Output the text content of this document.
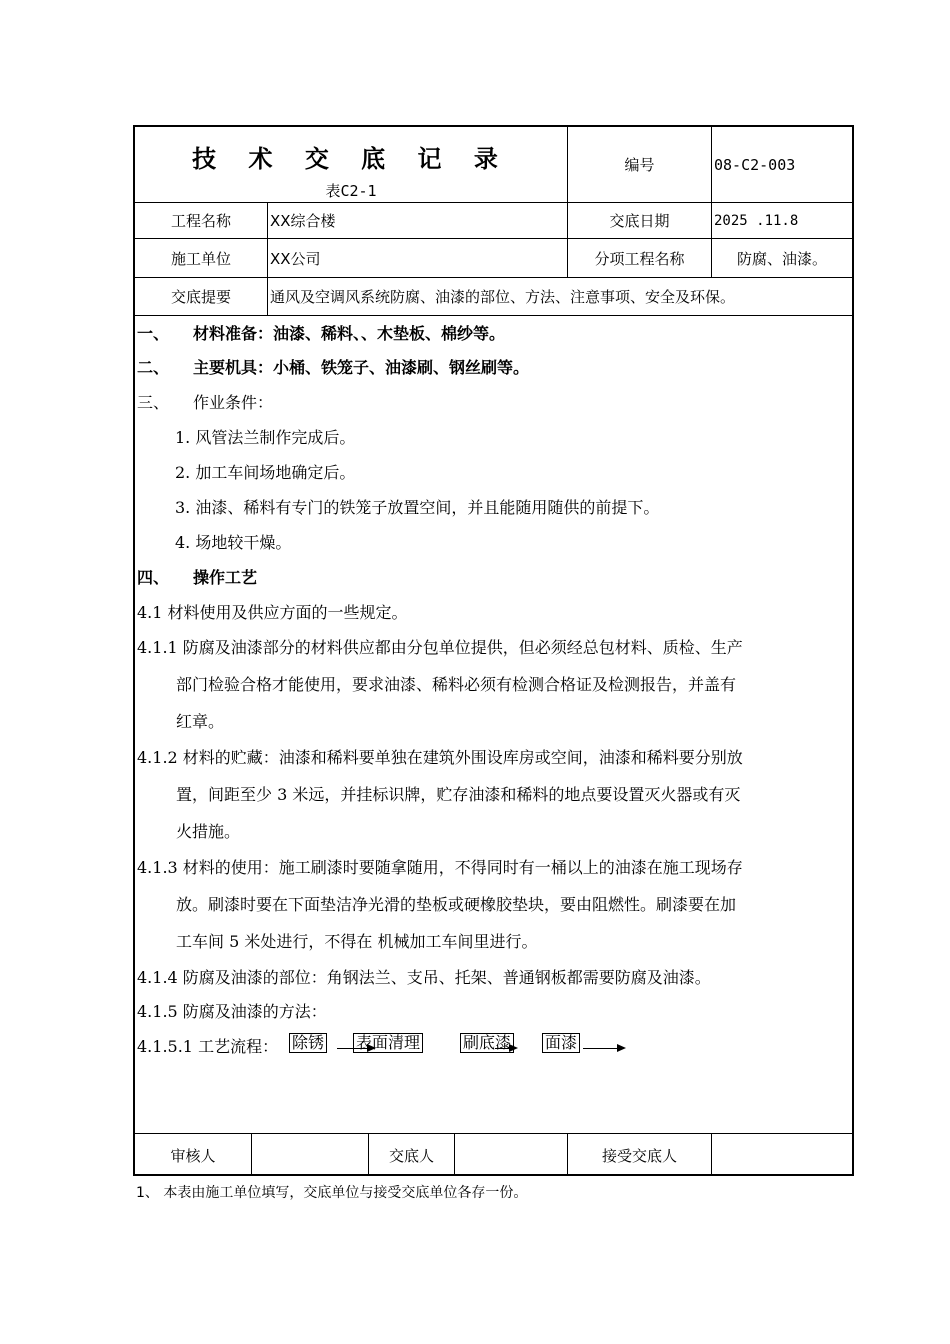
技 术 交 底 记 录
表C2-1
编号	08-C2-003
工程名称	XX综合楼	交底日期	2025 .11.8
施工单位	XX公司	分项工程名称	防腐、油漆。
交底提要	通风及空调风系统防腐、油漆的部位、方法、注意事项、安全及环保。
一、　　材料准备：油漆、稀料、、木垫板、棉纱等。
二、　　主要机具：小桶、铁笼子、油漆刷、钢丝刷等。
三、　　作业条件：
1. 风管法兰制作完成后。
2. 加工车间场地确定后。
3. 油漆、稀料有专门的铁笼子放置空间，并且能随用随供的前提下。
4. 场地较干燥。
四、　　操作工艺
4.1 材料使用及供应方面的一些规定。
4.1.1 防腐及油漆部分的材料供应都由分包单位提供，但必须经总包材料、质检、生产
部门检验合格才能使用，要求油漆、稀料必须有检测合格证及检测报告，并盖有
红章。
4.1.2 材料的贮藏：油漆和稀料要单独在建筑外围设库房或空间，油漆和稀料要分别放
置，间距至少 3 米远，并挂标识牌，贮存油漆和稀料的地点要设置灭火器或有灭
火措施。
4.1.3 材料的使用：施工刷漆时要随拿随用，不得同时有一桶以上的油漆在施工现场存
放。刷漆时要在下面垫洁净光滑的垫板或硬橡胶垫块，要由阻燃性。刷漆要在加
工车间 5 米处进行，不得在 机械加工车间里进行。
4.1.4 防腐及油漆的部位：角钢法兰、支吊、托架、普通钢板都需要防腐及油漆。
4.1.5 防腐及油漆的方法：
4.1.5.1 工艺流程： 除锈 表面清理	刷底漆 面漆
审核人	交底人	接受交底人
1、 本表由施工单位填写，交底单位与接受交底单位各存一份。
